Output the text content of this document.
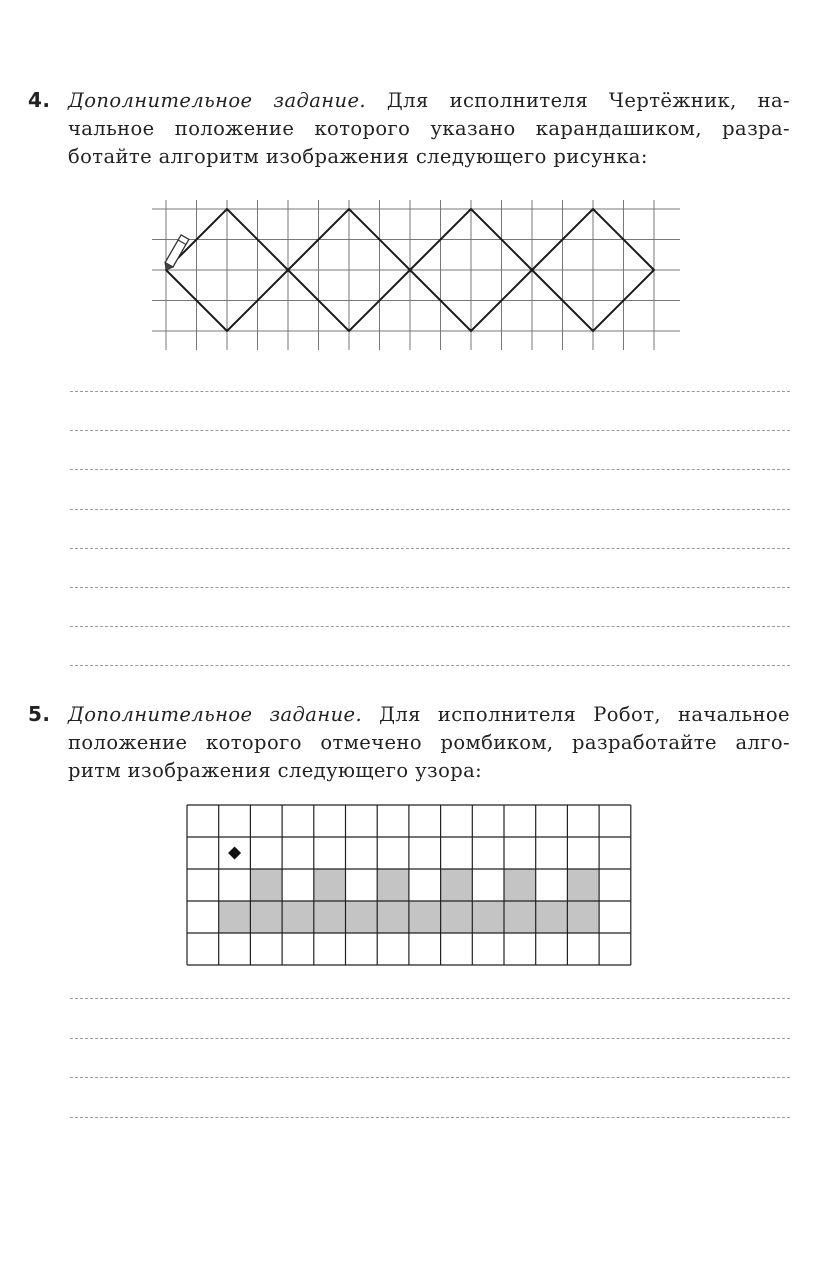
4. Дополнительное задание. Для исполнителя Чертёжник, на-

чальное положение которого указано карандашиком, разра-

ботайте алгоритм изображения следующего рисунка:

5. Дополнительное задание. Для исполнителя Робот, начальное

положение которого отмечено ромбиком, разработайте алго-

ритм изображения следующего узора:
